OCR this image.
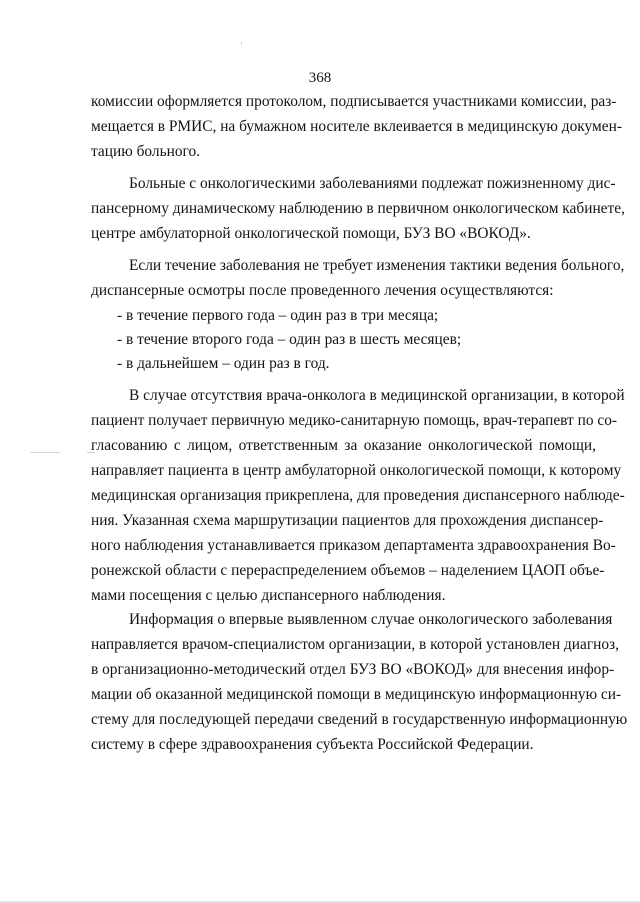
368
комиссии оформляется протоколом, подписывается участниками комиссии, раз-
мещается в РМИС, на бумажном носителе вклеивается в медицинскую докумен-
тацию больного.
Больные с онкологическими заболеваниями подлежат пожизненному дис-
пансерному динамическому наблюдению в первичном онкологическом кабинете,
центре амбулаторной онкологической помощи, БУЗ ВО «ВОКОД».
Если течение заболевания не требует изменения тактики ведения больного,
диспансерные осмотры после проведенного лечения осуществляются:
- в течение первого года – один раз в три месяца;
- в течение второго года – один раз в шесть месяцев;
- в дальнейшем – один раз в год.
В случае отсутствия врача-онколога в медицинской организации, в которой
пациент получает первичную медико-санитарную помощь, врач-терапевт по со-
гласованию с лицом, ответственным за оказание онкологической помощи,
направляет пациента в центр амбулаторной онкологической помощи, к которому
медицинская организация прикреплена, для проведения диспансерного наблюде-
ния. Указанная схема маршрутизации пациентов для прохождения диспансер-
ного наблюдения устанавливается приказом департамента здравоохранения Во-
ронежской области с перераспределением объемов – наделением ЦАОП объе-
мами посещения с целью диспансерного наблюдения.
Информация о впервые выявленном случае онкологического заболевания
направляется врачом-специалистом организации, в которой установлен диагноз,
в организационно-методический отдел БУЗ ВО «ВОКОД» для внесения инфор-
мации об оказанной медицинской помощи в медицинскую информационную си-
стему для последующей передачи сведений в государственную информационную
систему в сфере здравоохранения субъекта Российской Федерации.
